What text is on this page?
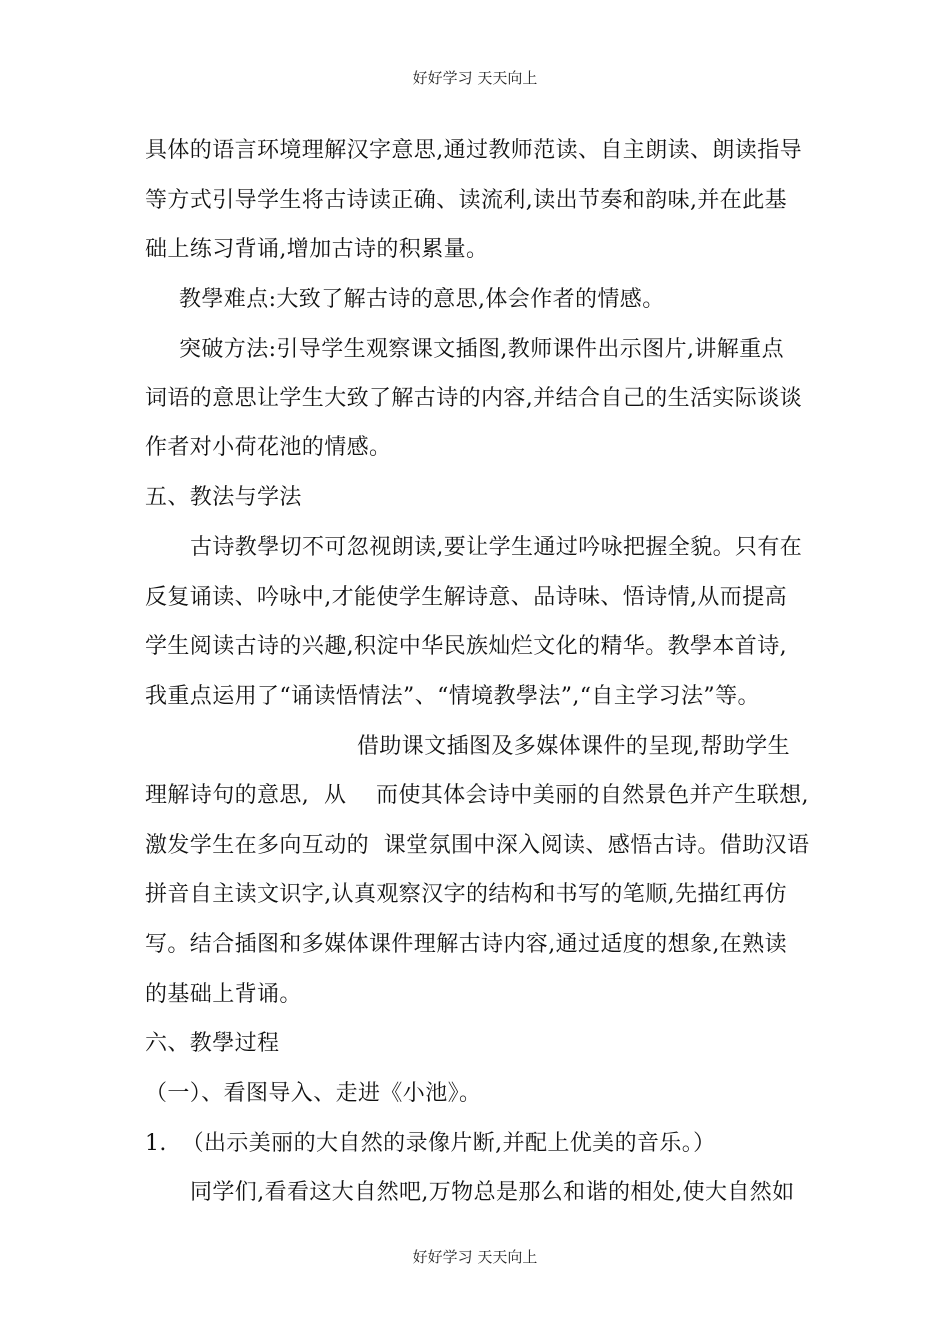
好好学习 天天向上
具体的语言环境理解汉字意思,通过教师范读、自主朗读、朗读指导
等方式引导学生将古诗读正确、读流利,读出节奏和韵味,并在此基
础上练习背诵,增加古诗的积累量。
教學难点:大致了解古诗的意思,体会作者的情感。
突破方法:引导学生观察课文插图,教师课件出示图片,讲解重点
词语的意思让学生大致了解古诗的内容,并结合自己的生活实际谈谈
作者对小荷花池的情感。
五、教法与学法
古诗教學切不可忽视朗读,要让学生通过吟咏把握全貌。只有在
反复诵读、吟咏中,才能使学生解诗意、品诗味、悟诗情,从而提高
学生阅读古诗的兴趣,积淀中华民族灿烂文化的精华。教學本首诗,
我重点运用了“诵读悟情法”、“情境教學法”,“自主学习法”等。
借助课文插图及多媒体课件的呈现,帮助学生
理解诗句的意思,  从    而使其体会诗中美丽的自然景色并产生联想,
激发学生在多向互动的  课堂氛围中深入阅读、感悟古诗。借助汉语
拼音自主读文识字,认真观察汉字的结构和书写的笔顺,先描红再仿
写。结合插图和多媒体课件理解古诗内容,通过适度的想象,在熟读
的基础上背诵。
六、教學过程
（一）、看图导入、走进《小池》。
1.  （出示美丽的大自然的录像片断,并配上优美的音乐。）
同学们,看看这大自然吧,万物总是那么和谐的相处,使大自然如
好好学习 天天向上
